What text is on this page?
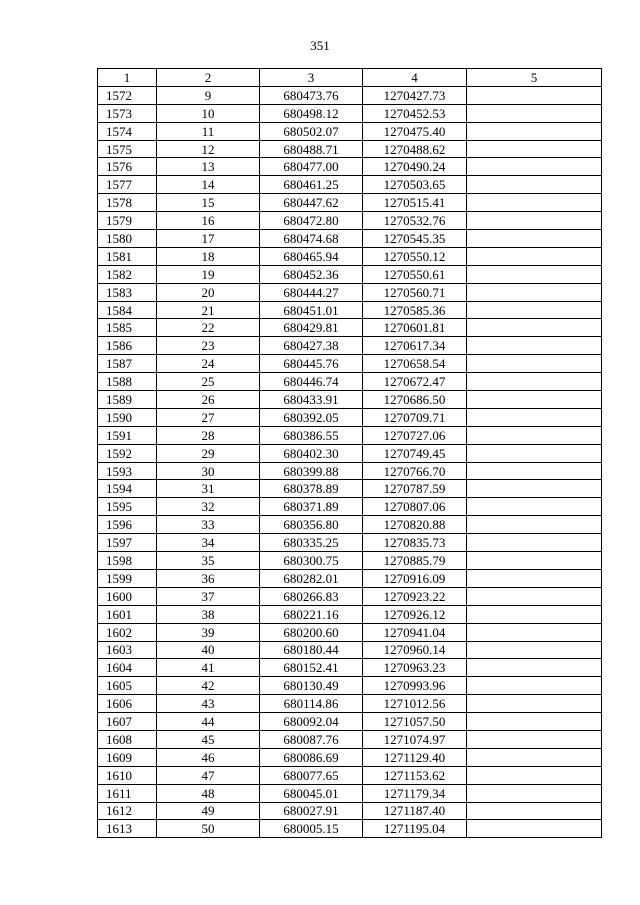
351
1	2	3	4	5
1572	9	680473.76	1270427.73	
1573	10	680498.12	1270452.53	
1574	11	680502.07	1270475.40	
1575	12	680488.71	1270488.62	
1576	13	680477.00	1270490.24	
1577	14	680461.25	1270503.65	
1578	15	680447.62	1270515.41	
1579	16	680472.80	1270532.76	
1580	17	680474.68	1270545.35	
1581	18	680465.94	1270550.12	
1582	19	680452.36	1270550.61	
1583	20	680444.27	1270560.71	
1584	21	680451.01	1270585.36	
1585	22	680429.81	1270601.81	
1586	23	680427.38	1270617.34	
1587	24	680445.76	1270658.54	
1588	25	680446.74	1270672.47	
1589	26	680433.91	1270686.50	
1590	27	680392.05	1270709.71	
1591	28	680386.55	1270727.06	
1592	29	680402.30	1270749.45	
1593	30	680399.88	1270766.70	
1594	31	680378.89	1270787.59	
1595	32	680371.89	1270807.06	
1596	33	680356.80	1270820.88	
1597	34	680335.25	1270835.73	
1598	35	680300.75	1270885.79	
1599	36	680282.01	1270916.09	
1600	37	680266.83	1270923.22	
1601	38	680221.16	1270926.12	
1602	39	680200.60	1270941.04	
1603	40	680180.44	1270960.14	
1604	41	680152.41	1270963.23	
1605	42	680130.49	1270993.96	
1606	43	680114.86	1271012.56	
1607	44	680092.04	1271057.50	
1608	45	680087.76	1271074.97	
1609	46	680086.69	1271129.40	
1610	47	680077.65	1271153.62	
1611	48	680045.01	1271179.34	
1612	49	680027.91	1271187.40	
1613	50	680005.15	1271195.04	
